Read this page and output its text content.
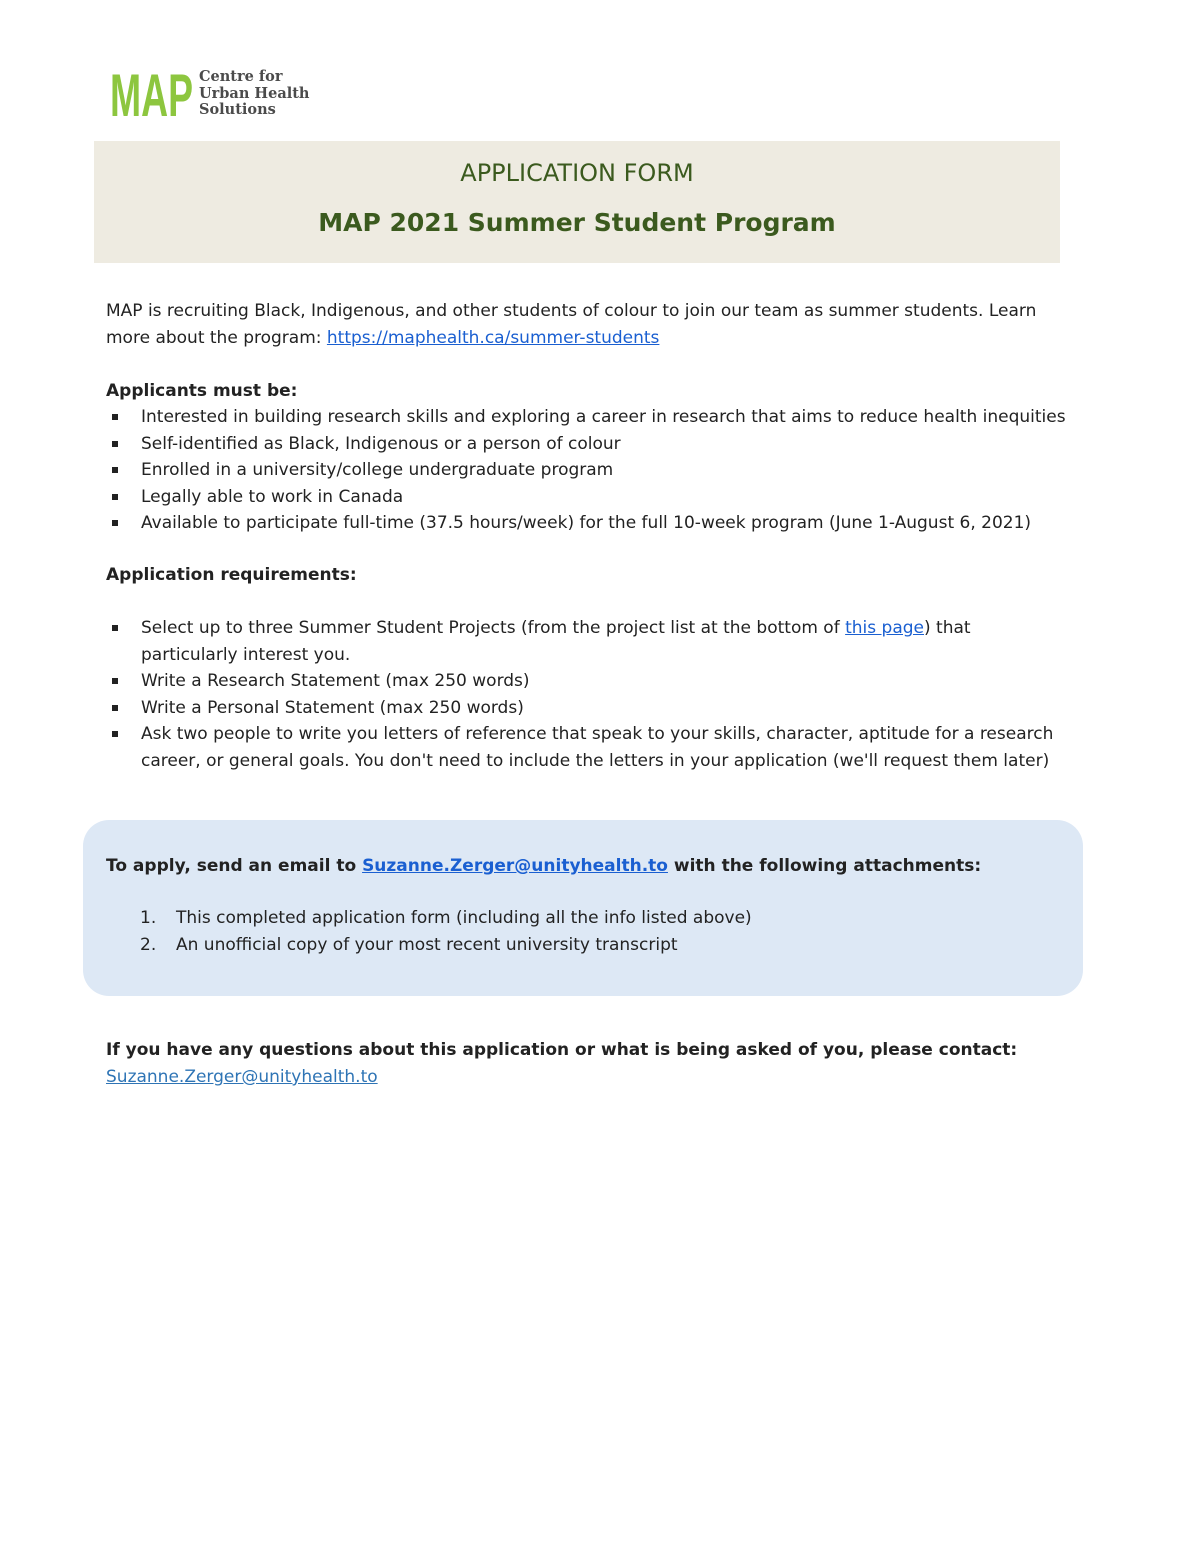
MAP Centre for
Urban Health
Solutions
APPLICATION FORM
MAP 2021 Summer Student Program
MAP is recruiting Black, Indigenous, and other students of colour to join our team as summer students. Learn
more about the program: https://maphealth.ca/summer-students
Applicants must be:
Interested in building research skills and exploring a career in research that aims to reduce health inequities
Self-identified as Black, Indigenous or a person of colour
Enrolled in a university/college undergraduate program
Legally able to work in Canada
Available to participate full-time (37.5 hours/week) for the full 10-week program (June 1-August 6, 2021)
Application requirements:
Select up to three Summer Student Projects (from the project list at the bottom of this page) that
particularly interest you.
Write a Research Statement (max 250 words)
Write a Personal Statement (max 250 words)
Ask two people to write you letters of reference that speak to your skills, character, aptitude for a research
career, or general goals. You don't need to include the letters in your application (we'll request them later)
To apply, send an email to Suzanne.Zerger@unityhealth.to with the following attachments:
1. This completed application form (including all the info listed above)
2. An unofficial copy of your most recent university transcript
If you have any questions about this application or what is being asked of you, please contact:
Suzanne.Zerger@unityhealth.to
